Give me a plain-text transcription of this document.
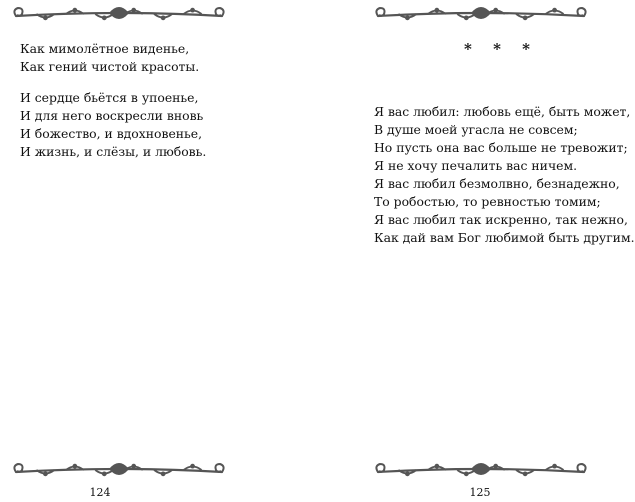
Как мимолётное виденье,
Как гений чистой красоты.
И сердце бьётся в упоенье,
И для него воскресли вновь
И божество, и вдохновенье,
И жизнь, и слёзы, и любовь.
124
* * *
Я вас любил: любовь ещё, быть может,
В душе моей угасла не совсем;
Но пусть она вас больше не тревожит;
Я не хочу печалить вас ничем.
Я вас любил безмолвно, безнадежно,
То робостью, то ревностью томим;
Я вас любил так искренно, так нежно,
Как дай вам Бог любимой быть другим.
125
